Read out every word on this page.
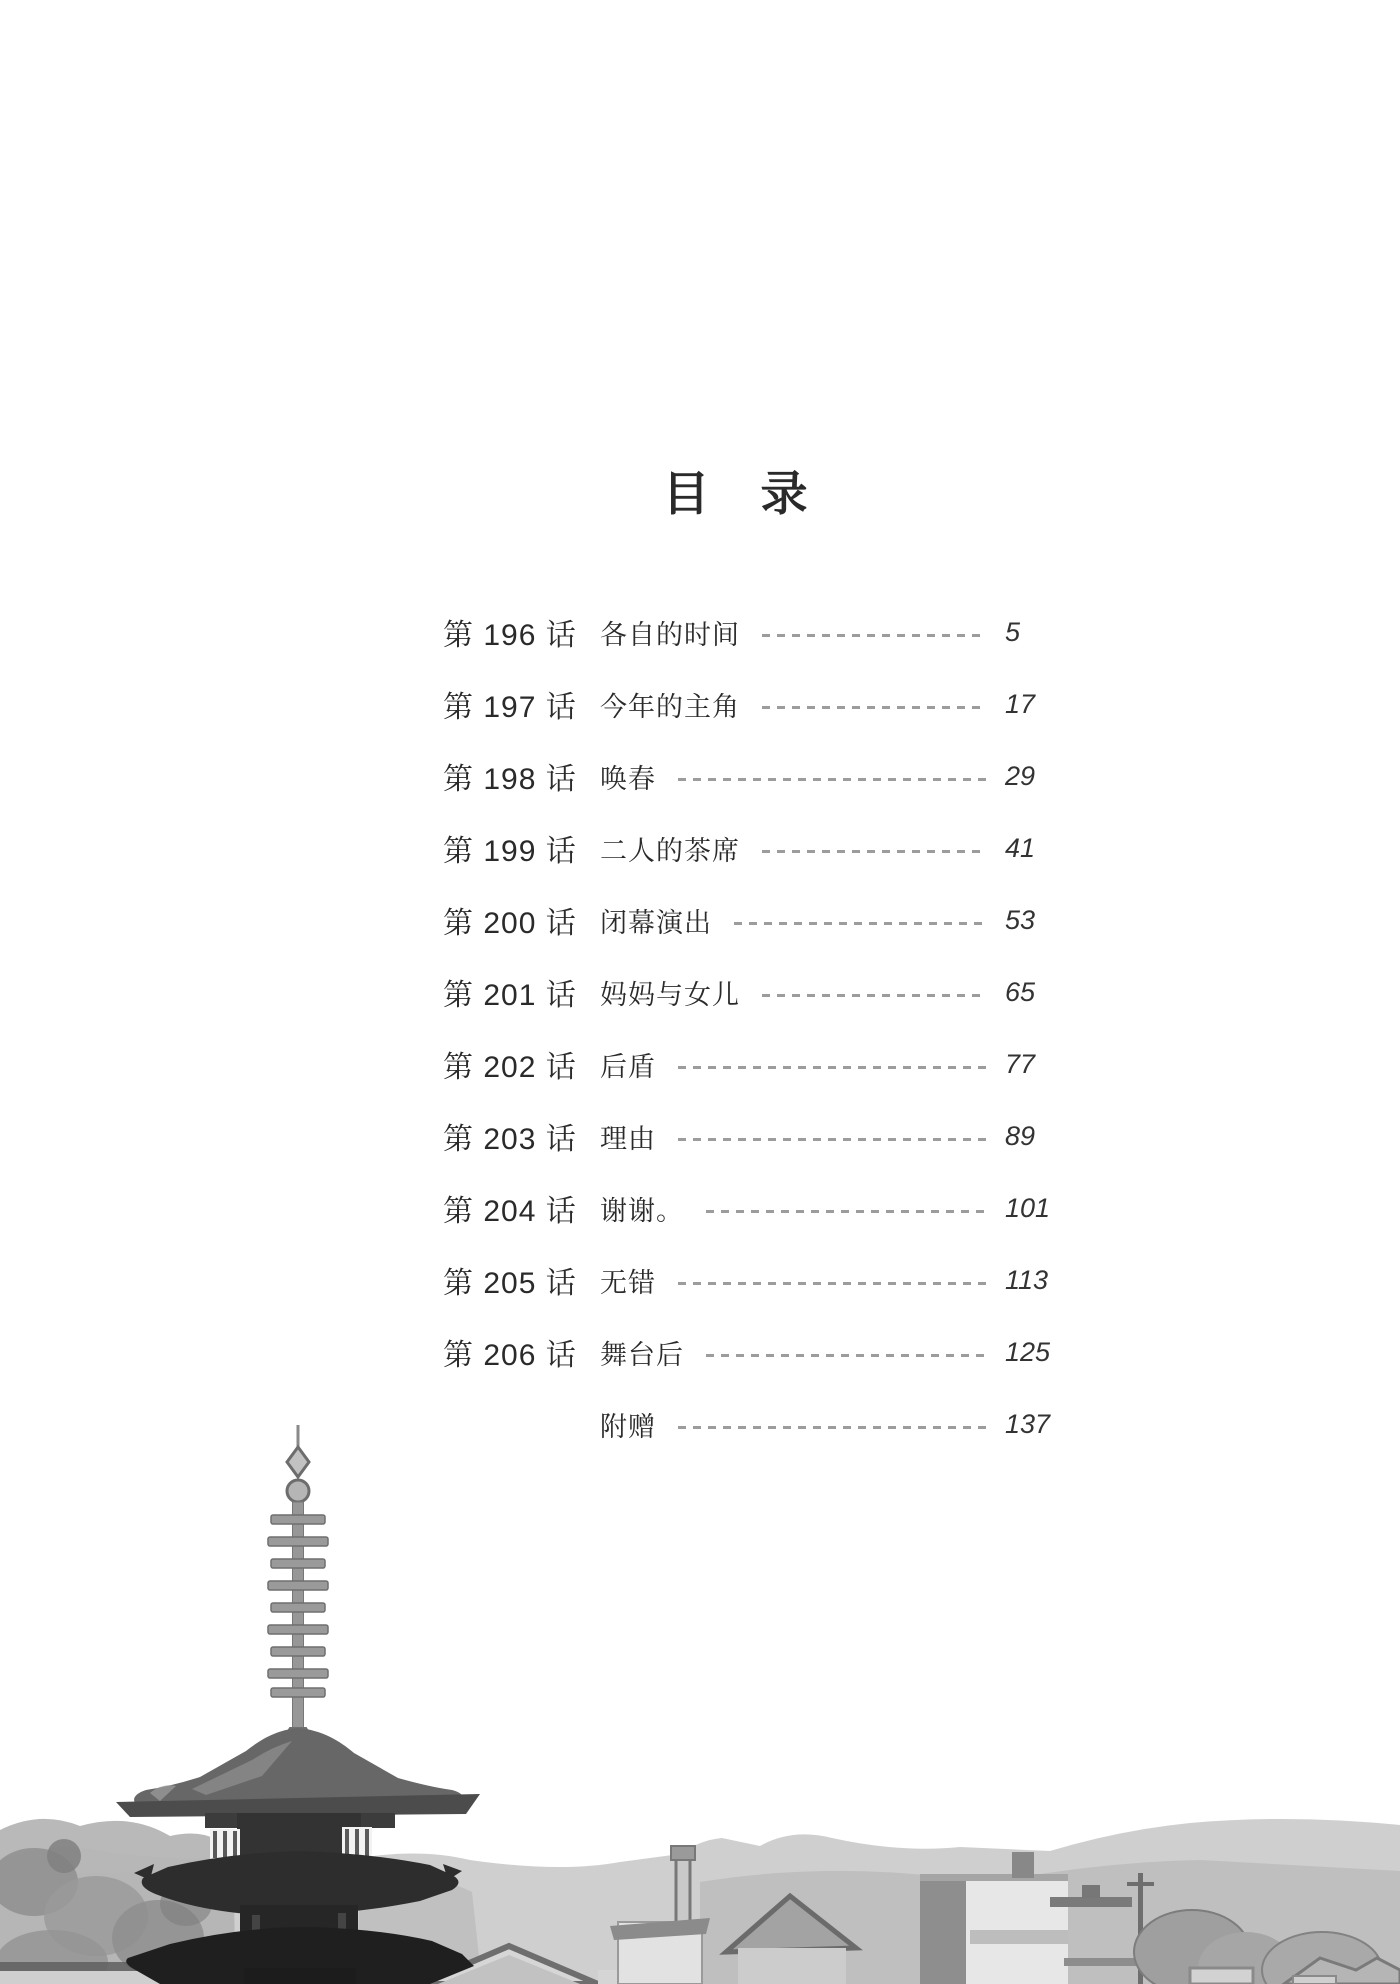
目　录
第 196 话 各自的时间	5
第 197 话 今年的主角	17
第 198 话 唤春	29
第 199 话 二人的茶席	41
第 200 话 闭幕演出	53
第 201 话 妈妈与女儿	65
第 202 话 后盾	77
第 203 话 理由	89
第 204 话 谢谢。	101
第 205 话 无错	113
第 206 话 舞台后	125
附赠	137
